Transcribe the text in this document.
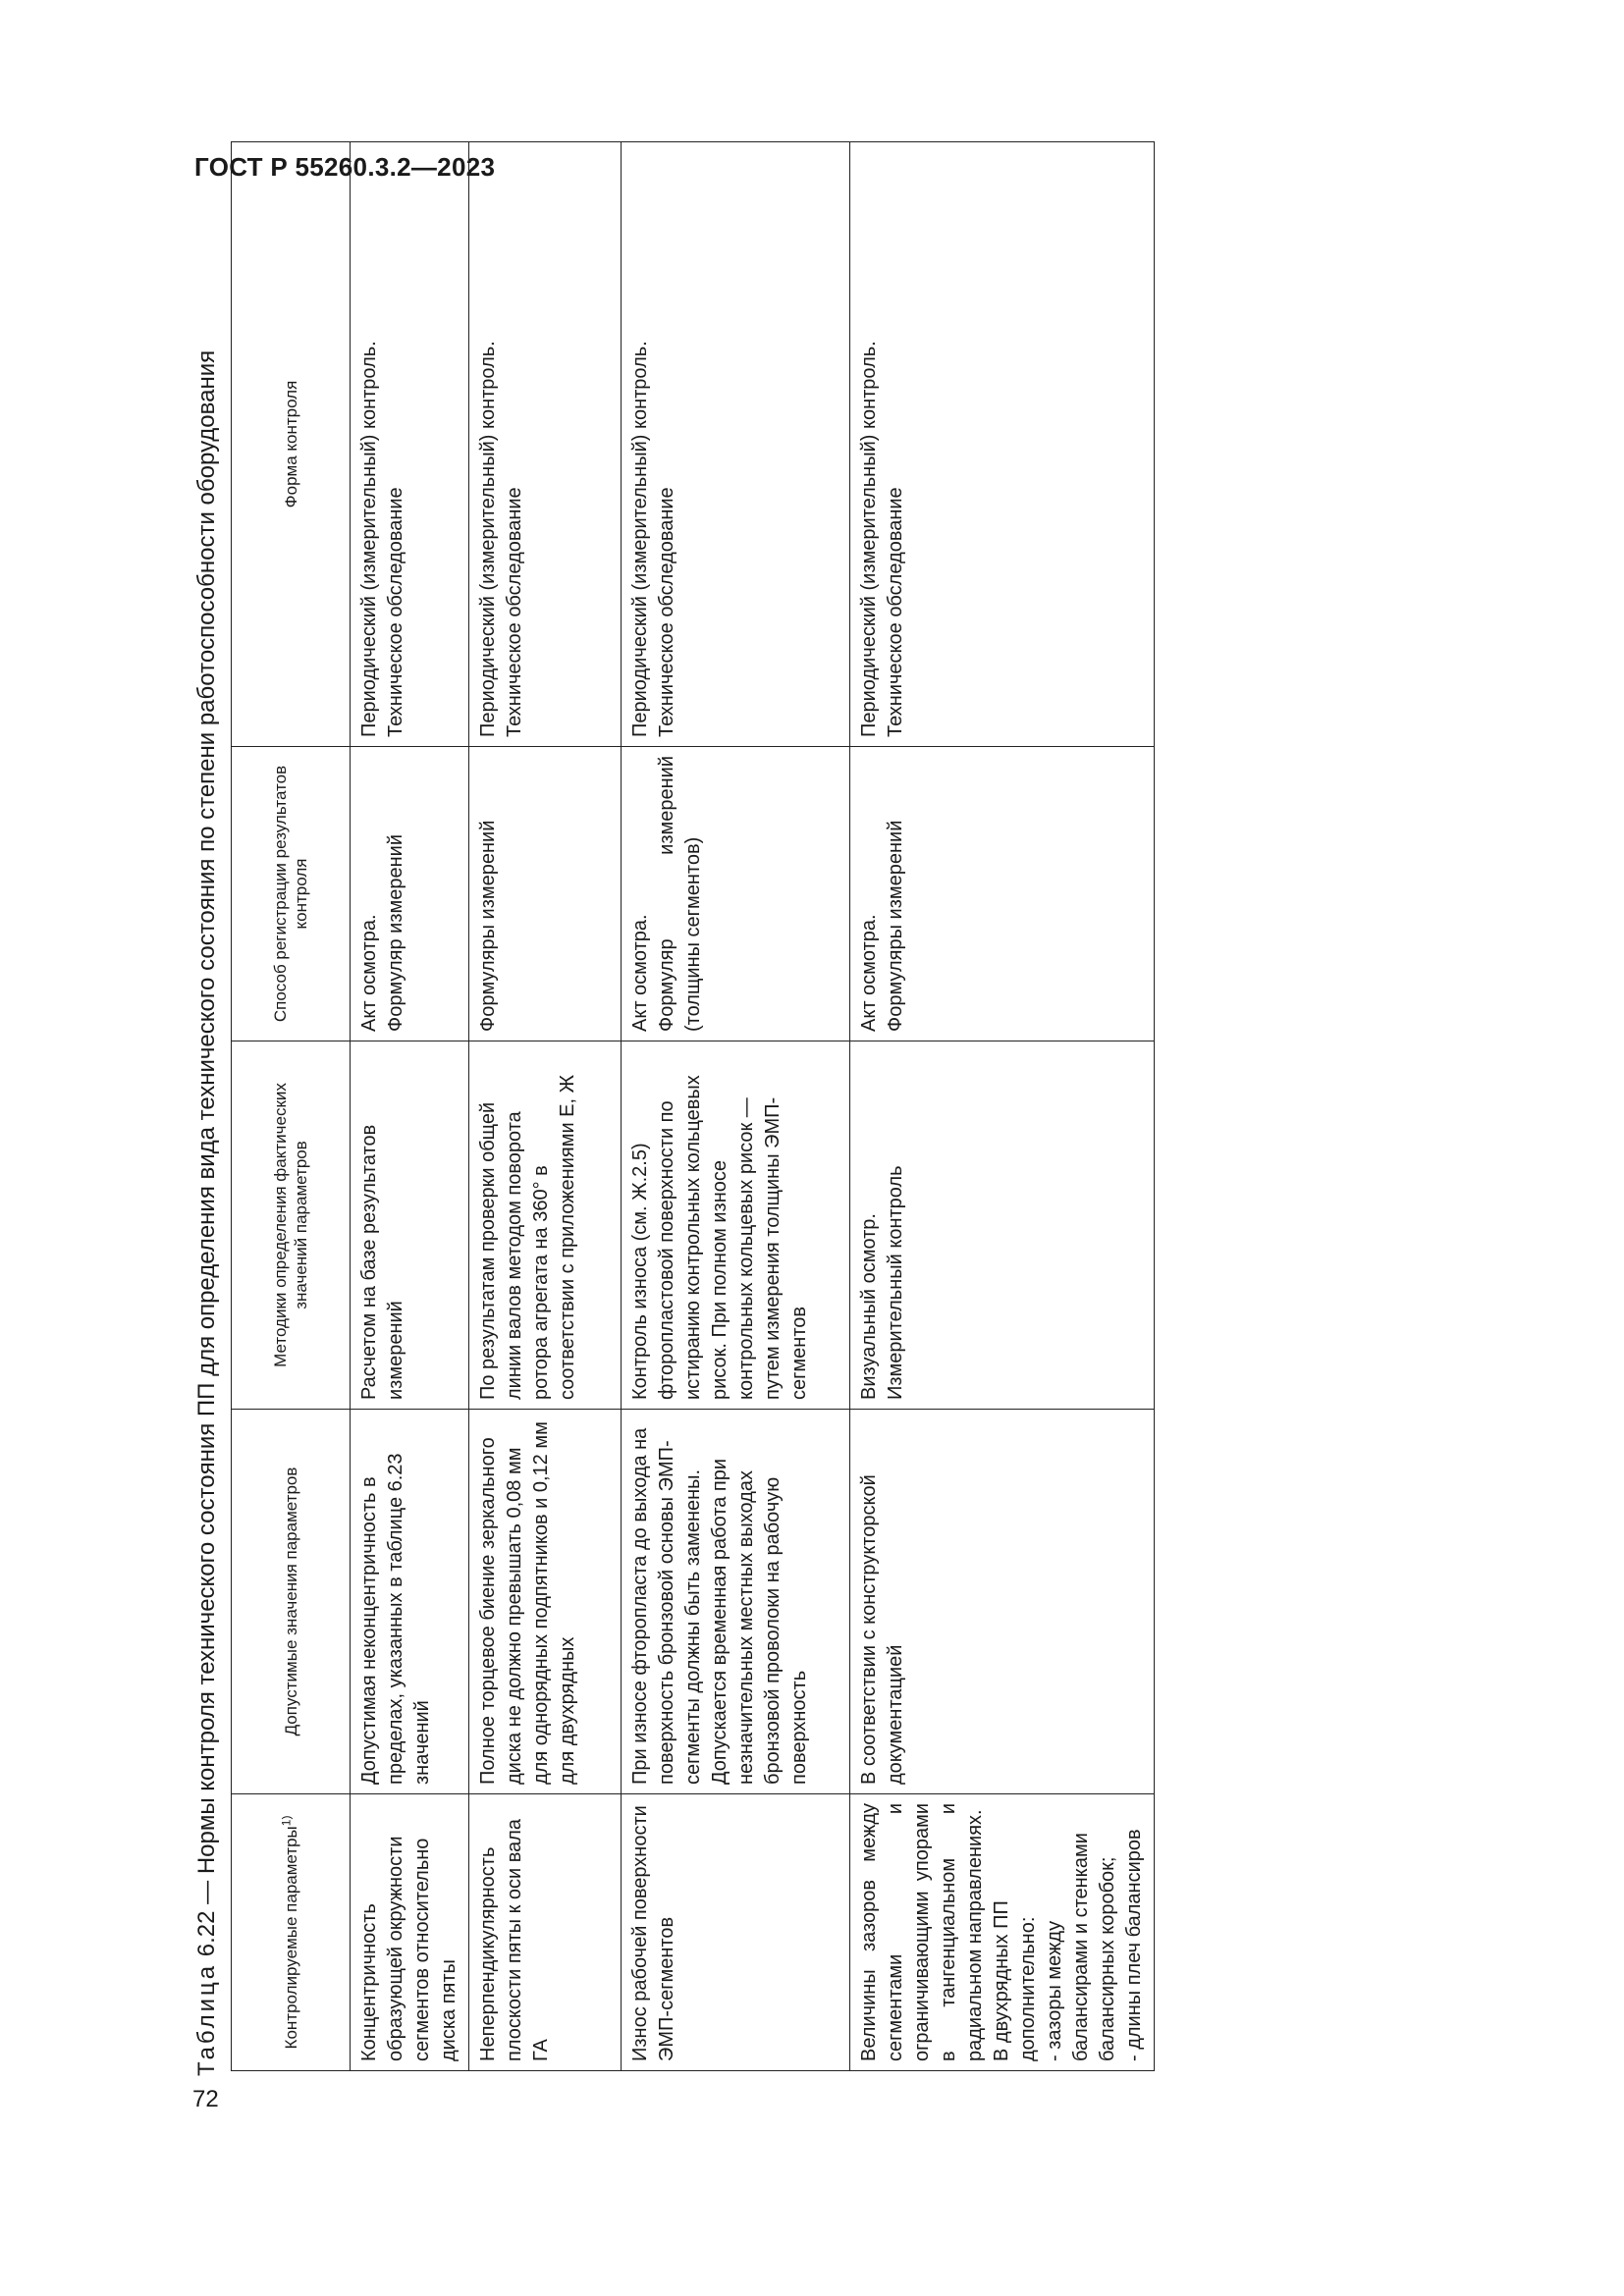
ГОСТ Р 55260.3.2—2023
Таблица 6.22 — Нормы контроля технического состояния ПП для определения вида технического состояния по степени работоспособности оборудования
Контролируемые параметры$^{1)}$	Допустимые значения параметров	Методики определения фактических значений параметров	Способ регистрации результатов контроля	Форма контроля
Концентричность образующей окружности сегментов относительно диска пяты	Допустимая неконцентричность в пределах, указанных в таблице 6.23 значений	Расчетом на базе результатов измерений	Акт осмотра. Формуляр измерений	Периодический (измерительный) контроль. Техническое обследование

Неперпендикулярность плоскости пяты к оси вала ГА	Полное торцевое биение зеркального диска не должно превышать 0,08 мм для однорядных подпятников и 0,12 мм для двухрядных	По результатам проверки общей линии валов методом поворота ротора агрегата на 360° в соответствии с приложениями Е, Ж	Формуляры измерений	Периодический (измерительный) контроль. Техническое обследование

Износ рабочей поверхности ЭМП-сегментов	При износе фторопласта до выхода на поверхность бронзовой основы ЭМП-сегменты должны быть заменены. Допускается временная работа при незначительных местных выходах бронзовой проволоки на рабочую поверхность	Контроль износа (см. Ж.2.5) фторопластовой поверхности по истиранию контрольных кольцевых рисок. При полном износе контрольных кольцевых рисок — путем измерения толщины ЭМП-сегментов	Акт осмотра. Формуляр измерений (толщины сегментов)	Периодический (измерительный) контроль. Техническое обследование

Величины зазоров между сегментами и ограничивающими упорами в тангенциальном и радиальном направлениях. В двухрядных ПП дополнительно: - зазоры между балансирами и стенками балансирных коробок; - длины плеч балансиров	В соответствии с конструкторской документацией	Визуальный осмотр. Измерительный контроль	Акт осмотра. Формуляры измерений	Периодический (измерительный) контроль. Техническое обследование
72
